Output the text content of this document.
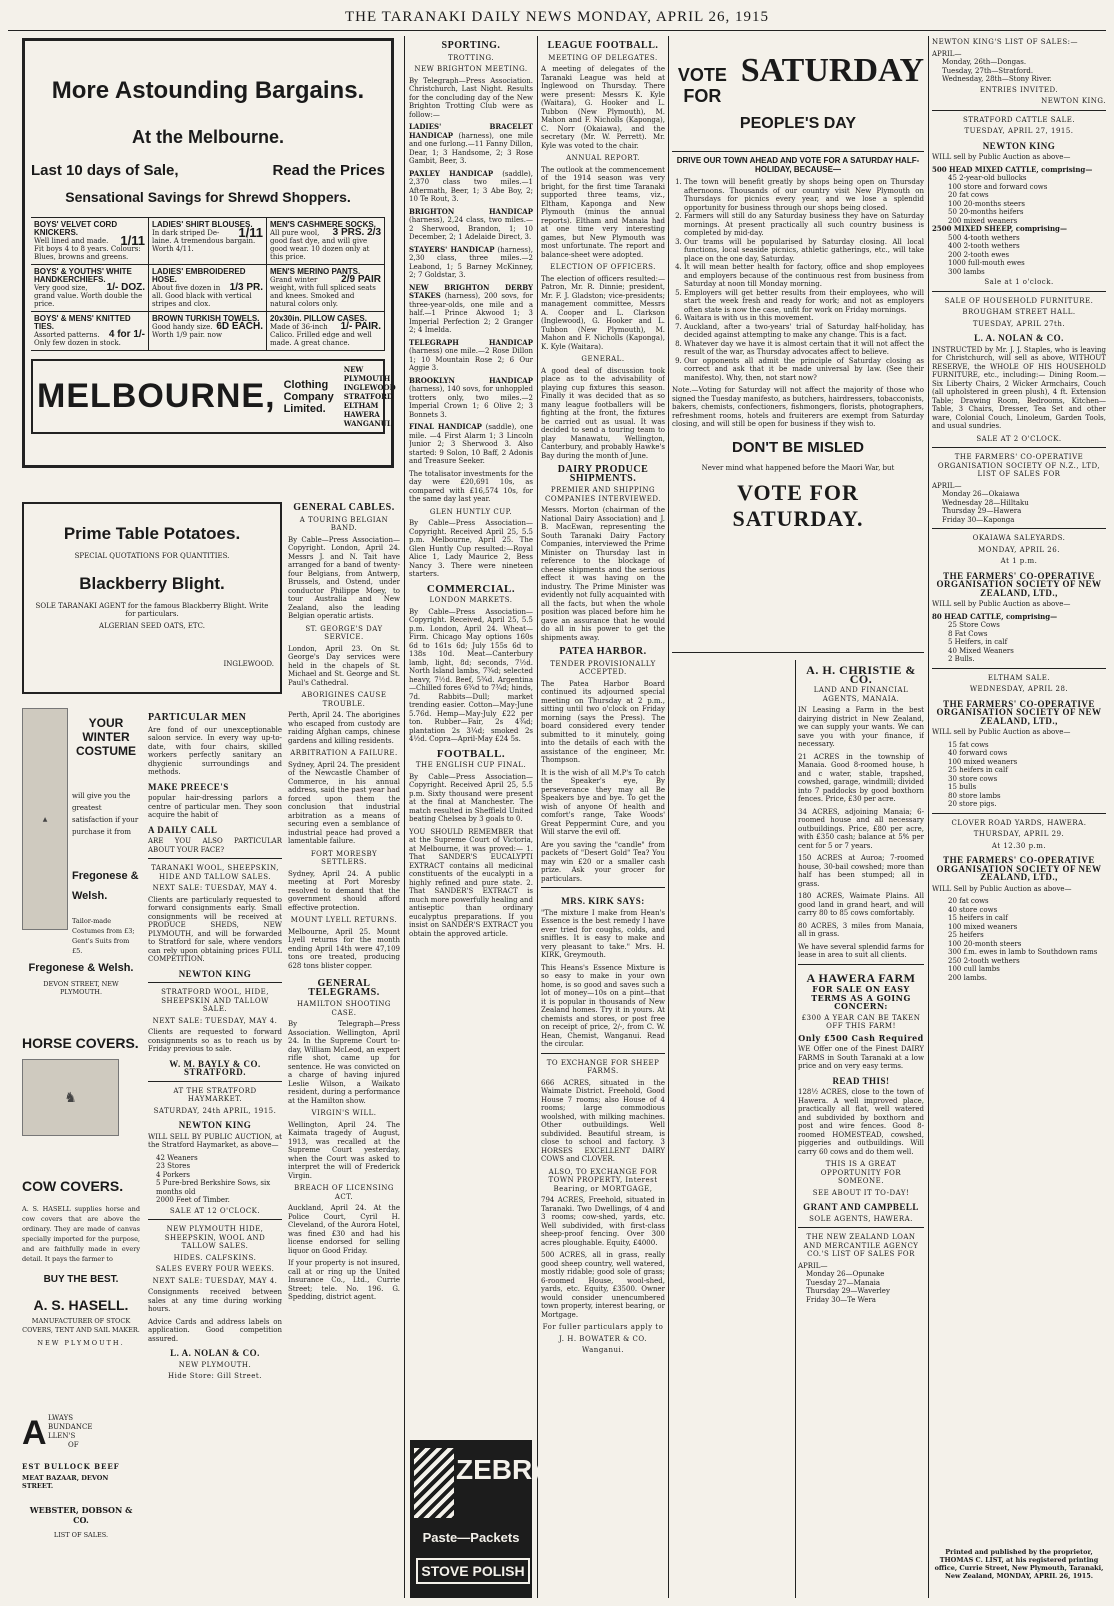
THE TARANAKI DAILY NEWS MONDAY, APRIL 26, 1915
More Astounding Bargains.
At the Melbourne.
Last 10 days of Sale,	Read the Prices
Sensational Savings for Shrewd Shoppers.
BOYS' VELVET CORD KNICKERS.
1/11
Well lined and made. Fit boys 4 to 8 years. Colours: Blues, browns and greens.
LADIES' SHIRT BLOUSES.
1/11
In dark striped De-laine. A tremendous bargain. Worth 4/11.
MEN'S CASHMERE SOCKS.
3 PRS. 2/3
All pure wool, good fast dye, and will give good wear. 10 dozen only at this price.
BOYS' & YOUTHS' WHITE HANDKERCHIEFS.
1/- DOZ.
Very good size, grand value. Worth double the price.
LADIES' EMBROIDERED HOSE.
1/3 PR.
About five dozen in all. Good black with vertical stripes and clox.
MEN'S MERINO PANTS.
2/9 PAIR
Grand winter weight, with full spliced seats and knees. Smoked and natural colors only.
BOYS' & MENS' KNITTED TIES.
4 for 1/-
Assorted patterns. Only few dozen in stock.
BROWN TURKISH TOWELS.
6D EACH.
Good handy size. Worth 1/9 pair. now
20x30in. PILLOW CASES.
1/- PAIR.
Made of 36-inch Calico. Frilled edge and well made. A great chance.
MELBOURNE, Clothing Company Limited.
NEW PLYMOUTH
INGLEWOOD
STRATFORD
ELTHAM
HAWERA
WANGANUI.
Prime Table Potatoes.
SPECIAL QUOTATIONS FOR QUANTITIES.
Blackberry Blight.
SOLE TARANAKI AGENT for the famous Blackberry Blight. Write for particulars.
ALGERIAN SEED OATS, ETC.
INGLEWOOD.
▲
YOUR WINTER COSTUME
will give you the greatest satisfaction if your purchase it from
Fregonese & Welsh.
Tailor-made Costumes from £3; Gent's Suits from £5.
Fregonese & Welsh.
DEVON STREET, NEW PLYMOUTH.
HORSE COVERS.
♞
COW COVERS.
A. S. HASELL supplies horse and cow covers that are above the ordinary. They are made of canvas specially imported for the purpose, and are faithfully made in every detail. It pays the farmer to
BUY THE BEST.
A. S. HASELL.
MANUFACTURER OF STOCK COVERS, TENT AND SAIL MAKER.
NEW PLYMOUTH.
A LWAYS
BUNDANCE
LLEN'S
OF
EST BULLOCK BEEF
MEAT BAZAAR, DEVON STREET.
WEBSTER, DOBSON & CO.
LIST OF SALES.
PARTICULAR MEN

Are fond of our unexceptionable saloon service. In every way up-to-date, with four chairs, skilled workers perfectly sanitary an dhygienic surroundings and methods.

MAKE PREECE'S

popular hair-dressing parlors a centre of particular men. They soon acquire the habit of

A DAILY CALL

ARE YOU ALSO PARTICULAR ABOUT YOUR FACE?

TARANAKI WOOL, SHEEPSKIN, HIDE AND TALLOW SALES.
NEXT SALE: TUESDAY, MAY 4.

Clients are particularly requested to forward consignments early. Small consignments will be received at PRODUCE SHEDS, NEW PLYMOUTH, and will be forwarded to Stratford for sale, where vendors can rely upon obtaining prices FULL COMPETITION.

NEWTON KING
STRATFORD WOOL, HIDE, SHEEPSKIN AND TALLOW SALE.
NEXT SALE: TUESDAY, MAY 4.

Clients are requested to forward consignments so as to reach us by Friday previous to sale.

W. M. BAYLY & CO. STRATFORD.
AT THE STRATFORD HAYMARKET.
SATURDAY, 24th APRIL, 1915.
NEWTON KING

WILL SELL BY PUBLIC AUCTION, at the Stratford Haymarket, as above—

42 Weaners
23 Stores
4 Porkers
5 Pure-bred Berkshire Sows, six months old
2000 Feet of Timber.
SALE AT 12 O'CLOCK.
NEW PLYMOUTH HIDE, SHEEPSKIN, WOOL AND TALLOW SALES.
HIDES. CALFSKINS.
SALES EVERY FOUR WEEKS.
NEXT SALE: TUESDAY, MAY 4.

Consignments received between sales at any time during working hours.

Advice Cards and address labels on application. Good competition assured.

L. A. NOLAN & CO.
NEW PLYMOUTH.
Hide Store: Gill Street.
GENERAL CABLES.
A TOURING BELGIAN BAND.

By Cable—Press Association—Copyright. London, April 24. Messrs J. and N. Tait have arranged for a band of twenty-four Belgians, from Antwerp, Brussels, and Ostend, under conductor Philippe Moey, to tour Australia and New Zealand, also the leading Belgian operatic artists.

ST. GEORGE'S DAY SERVICE.

London, April 23. On St. George's Day services were held in the chapels of St. Michael and St. George and St. Paul's Cathedral.

ABORIGINES CAUSE TROUBLE.

Perth, April 24. The aborigines who escaped from custody are raiding Afghan camps, chinese gardens and killing residents.

ARBITRATION A FAILURE.

Sydney, April 24. The president of the Newcastle Chamber of Commerce, in his annual address, said the past year had forced upon them the conclusion that industrial arbitration as a means of securing even a semblance of industrial peace had proved a lamentable failure.

FORT MORESBY SETTLERS.

Sydney, April 24. A public meeting at Port Moresby resolved to demand that the government should afford effective protection.

MOUNT LYELL RETURNS.

Melbourne, April 25. Mount Lyell returns for the month ending April 14th were 47,109 tons ore treated, producing 628 tons blister copper.

GENERAL TELEGRAMS.
HAMILTON SHOOTING CASE.

By Telegraph—Press Association. Wellington, April 24. In the Supreme Court to-day, William McLeod, an expert rifle shot, came up for sentence. He was convicted on a charge of having injured Leslie Wilson, a Waikato resident, during a performance at the Hamilton show.

VIRGIN'S WILL.

Wellington, April 24. The Kaimata tragedy of August, 1913, was recalled at the Supreme Court yesterday, when the Court was asked to interpret the will of Frederick Virgin.

BREACH OF LICENSING ACT.

Auckland, April 24. At the Police Court, Cyril H. Cleveland, of the Aurora Hotel, was fined £30 and had his license endorsed for selling liquor on Good Friday.

If your property is not insured, call at or ring up the United Insurance Co., Ltd., Currie Street; tele. No. 196. G. Spedding, district agent.

SPORTING.
TROTTING.
NEW BRIGHTON MEETING.

By Telegraph—Press Association. Christchurch, Last Night. Results for the concluding day of the New Brighton Trotting Club were as follow:—

LADIES' BRACELET HANDICAP (harness), one mile and one furlong.—11 Fanny Dillon, Dear, 1; 3 Handsome, 2; 3 Rose Gambit, Beer, 3.

PAXLEY HANDICAP (saddle), 2,370 class two miles.—1 Aftermath, Beer, 1; 3 Abe Boy, 2; 10 Te Rout, 3.

BRIGHTON HANDICAP (harness), 2,24 class, two miles.—2 Sherwood, Brandon, 1; 10 December, 2; 1 Adelaide Direct, 3.

STAYERS' HANDICAP (harness), 2,30 class, three miles.—2 Leabond, 1; 5 Barney McKinney, 2; 7 Goldstar, 3.

NEW BRIGHTON DERBY STAKES (harness), 200 sovs, for three-year-olds, one mile and a half.—1 Prince Akwood 1; 3 Imperial Perfection 2; 2 Granger 2; 4 Imelda.

TELEGRAPH HANDICAP (harness) one mile.—2 Rose Dillon 1; 10 Mountain Rose 2; 6 Our Aggie 3.

BROOKLYN HANDICAP (harness), 140 sovs, for unhoppled trotters only, two miles.—2 Imperial Crown 1; 6 Olive 2; 3 Bonnets 3.

FINAL HANDICAP (saddle), one mile. —4 First Alarm 1; 3 Lincoln Junior 2; 3 Sherwood 3. Also started: 9 Solon, 10 Baff, 2 Adonis and Treasure Seeker.

The totalisator investments for the day were £20,691 10s, as compared with £16,574 10s, for the same day last year.

GLEN HUNTLY CUP.

By Cable—Press Association—Copyright. Received April 25, 5.5 p.m. Melbourne, April 25. The Glen Huntly Cup resulted:—Royal Alice 1, Lady Maurice 2, Bess Nancy 3. There were nineteen starters.

COMMERCIAL.
LONDON MARKETS.

By Cable—Press Association—Copyright. Received, April 25, 5.5 p.m. London, April 24. Wheat—Firm. Chicago May options 160s 6d to 161s 6d; July 155s 6d to 138s 10d. Meat—Canterbury lamb, light, 8d; seconds, 7½d. North Island lambs, 7¾d; selected heavy, 7½d. Beef, 5¾d. Argentina—Chilled fores 6¾d to 7¾d; hinds, 7d. Rabbits—Dull; market trending easier. Cotton—May-June 5.76d. Hemp—May-July £22 per ton. Rubber—Fair, 2s 4¾d; plantation 2s 3¼d; smoked 2s 4½d. Copra—April-May £24 5s.

FOOTBALL.
THE ENGLISH CUP FINAL.

By Cable—Press Association—Copyright. Received April 25, 5.5 p.m. Sixty thousand were present at the final at Manchester. The match resulted in Sheffield United beating Chelsea by 3 goals to 0.

YOU SHOULD REMEMBER that at the Supreme Court of Victoria, at Melbourne, it was proved:— 1. That SANDER'S EUCALYPTI EXTRACT contains all medicinal constituents of the eucalypti in a highly refined and pure state. 2. That SANDER'S EXTRACT is much more powerfully healing and antiseptic than ordinary eucalyptus preparations. If you insist on SANDER'S EXTRACT you obtain the approved article.

ZEBRA
Paste—Packets
STOVE POLISH
LEAGUE FOOTBALL.
MEETING OF DELEGATES.

A meeting of delegates of the Taranaki League was held at Inglewood on Thursday. There were present: Messrs K. Kyle (Waitara), G. Hooker and L. Tubbon (New Plymouth), M. Mahon and F. Nicholls (Kaponga), C. Norr (Okaiawa), and the secretary (Mr. W. Perrett). Mr. Kyle was voted to the chair.

ANNUAL REPORT.

The outlook at the commencement of the 1914 season was very bright, for the first time Taranaki supported three teams, viz., Eltham, Kaponga and New Plymouth (minus the annual reports). Eltham and Manaia had at one time very interesting games, but New Plymouth was most unfortunate. The report and balance-sheet were adopted.

ELECTION OF OFFICERS.

The election of officers resulted:— Patron, Mr. R. Dinnie; president, Mr. F. J. Gladston; vice-presidents; management committee, Messrs A. Cooper and L. Clarkson (Inglewood), G. Hooker and L. Tubbon (New Plymouth), M. Mahon and F. Nicholls (Kaponga), K. Kyle (Waitara).

GENERAL.

A good deal of discussion took place as to the advisability of playing cup fixtures this season. Finally it was decided that as so many league footballers will be fighting at the front, the fixtures be carried out as usual. It was decided to send a touring team to play Manawatu, Wellington, Canterbury, and probably Hawke's Bay during the month of June.

DAIRY PRODUCE SHIPMENTS.
PREMIER AND SHIPPING COMPANIES INTERVIEWED.

Messrs. Morton (chairman of the National Dairy Association) and J. B. MacEwan, representing the South Taranaki Dairy Factory Companies, interviewed the Prime Minister on Thursday last in reference to the blockage of cheese shipments and the serious effect it was having on the industry. The Prime Minister was evidently not fully acquainted with all the facts, but when the whole position was placed before him he gave an assurance that he would do all in his power to get the shipments away.

PATEA HARBOR.
TENDER PROVISIONALLY ACCEPTED.

The Patea Harbor Board continued its adjourned special meeting on Thursday at 2 p.m., sitting until two o'clock on Friday morning (says the Press). The board considered every tender submitted to it minutely, going into the details of each with the assistance of the engineer, Mr. Thompson.

It is the wish of all M.P's To catch the Speaker's eye, By perseverance they may all Be Speakers bye and bye. To get the wish of anyone Of health and comfort's range, Take Woods' Great Peppermint Cure, and you Will starve the evil off.

Are you saving the "candle" from packets of "Desert Gold" Tea? You may win £20 or a smaller cash prize. Ask your grocer for particulars.

MRS. KIRK SAYS:

"The mixture I make from Hean's Essence is the best remedy I have ever tried for coughs, colds, and sniffles. It is easy to make and very pleasant to take." Mrs. H. KIRK, Greymouth.

This Heans's Essence Mixture is so easy to make in your own home, is so good and saves such a lot of money—10s on a pint—that it is popular in thousands of New Zealand homes. Try it in yours. At chemists and stores, or post free on receipt of price, 2/-, from C. W. Hean, Chemist, Wanganui. Read the circular.

TO EXCHANGE FOR SHEEP FARMS.

666 ACRES, situated in the Waimate District. Freehold, Good House 7 rooms; also House of 4 rooms; large commodious woolshed, with milking machines. Other outbuildings. Well subdivided. Beautiful stream, is close to school and factory. 3 HORSES EXCELLENT DAIRY COWS and CLOVER.

ALSO, TO EXCHANGE FOR TOWN PROPERTY, Interest Bearing, or MORTGAGE,

794 ACRES, Freehold, situated in Taranaki. Two Dwellings, of 4 and 3 rooms; cow-shed, yards, etc. Well subdivided, with first-class sheep-proof fencing. Over 300 acres ploughable. Equity, £4000.

500 ACRES, all in grass, really good sheep country, well watered, mostly ridable; good sole of grass; 6-roomed House, wool-shed, yards, etc. Equity, £3500. Owner would consider unencumbered town property, interest bearing, or Mortgage.

For fuller particulars apply to
J. H. BOWATER & CO.
Wanganui.
VOTE FOR
SATURDAY
PEOPLE'S DAY
DRIVE OUR TOWN AHEAD AND VOTE FOR A SATURDAY HALF-HOLIDAY, BECAUSE—
1. The town will benefit greatly by shops being open on Thursday afternoons. Thousands of our country visit New Plymouth on Thursdays for picnics every year, and we lose a splendid opportunity for business through our shops being closed.
2. Farmers will still do any Saturday business they have on Saturday mornings. At present practically all such country business is completed by mid-day.
3. Our trams will be popularised by Saturday closing. All local functions, local seaside picnics, athletic gatherings, etc., will take place on the one day, Saturday.
4. It will mean better health for factory, office and shop employees and employers because of the continuous rest from business from Saturday at noon till Monday morning.
5. Employers will get better results from their employees, who will start the week fresh and ready for work; and not as employers often state is now the case, unfit for work on Friday mornings.
6. Waitara is with us in this movement.
7. Auckland, after a two-years' trial of Saturday half-holiday, has decided against attempting to make any change. This is a fact.
8. Whatever day we have it is almost certain that it will not affect the result of the war, as Thursday advocates affect to believe.
9. Our opponents all admit the principle of Saturday closing as correct and ask that it be made universal by law. (See their manifesto). Why, then, not start now?

Note.—Voting for Saturday will not affect the majority of those who signed the Tuesday manifesto, as butchers, hairdressers, tobacconists, bakers, chemists, confectioners, fishmongers, florists, photographers, refreshment rooms, hotels and fruiterers are exempt from Saturday closing, and will still be open for business if they wish to.

DON'T BE MISLED
Never mind what happened before the Maori War, but
VOTE FOR SATURDAY.
A. H. CHRISTIE & CO.
LAND AND FINANCIAL AGENTS, MANAIA.

IN Leasing a Farm in the best dairying district in New Zealand, we can supply your wants. We can save you with your finance, if necessary.

21 ACRES in the township of Manaia. Good 8-roomed house, h and c water, stable, trapshed, cowshed, garage, windmill; divided into 7 paddocks by good boxthorn fences. Price, £30 per acre.

34 ACRES, adjoining Manaia; 6-roomed house and all necessary outbuildings. Price, £80 per acre, with £350 cash; balance at 5% per cent for 5 or 7 years.

150 ACRES at Auroa; 7-roomed house, 30-bail cowshed; more than half has been stumped; all in grass.

180 ACRES, Waimate Plains. All good land in grand heart, and will carry 80 to 85 cows comfortably.

80 ACRES, 3 miles from Manaia, all in grass.

We have several splendid farms for lease in area to suit all clients.

A HAWERA FARM
FOR SALE ON EASY TERMS AS A GOING CONCERN:
£300 A YEAR CAN BE TAKEN OFF THIS FARM!
Only £500 Cash Required

WE Offer one of the Finest DAIRY FARMS in South Taranaki at a low price and on very easy terms.

READ THIS!

128½ ACRES, close to the town of Hawera. A well improved place, practically all flat, well watered and subdivided by boxthorn and post and wire fences. Good 8-roomed HOMESTEAD, cowshed, piggeries and outbuildings. Will carry 60 cows and do them well.

THIS IS A GREAT OPPORTUNITY FOR SOMEONE.
SEE ABOUT IT TO-DAY!
GRANT AND CAMPBELL
SOLE AGENTS, HAWERA.
THE NEW ZEALAND LOAN AND MERCANTILE AGENCY CO.'S LIST OF SALES FOR
APRIL—
Monday 26—Opunake
Tuesday 27—Manaia
Thursday 29—Waverley
Friday 30—Te Wera
NEWTON KING'S LIST OF SALES:—
APRIL—
Monday, 26th—Dongas.
Tuesday, 27th—Stratford.
Wednesday, 28th—Stony River.
ENTRIES INVITED.
NEWTON KING.
STRATFORD CATTLE SALE.
TUESDAY, APRIL 27, 1915.
NEWTON KING

WILL sell by Public Auction as above—

500 HEAD MIXED CATTLE, comprising—
45 2-year-old bullocks
100 store and forward cows
20 fat cows
100 20-months steers
50 20-months heifers
200 mixed weaners
2500 MIXED SHEEP, comprising—
500 4-tooth wethers
400 2-tooth wethers
200 2-tooth ewes
1000 full-mouth ewes
300 lambs
Sale at 1 o'clock.
SALE OF HOUSEHOLD FURNITURE.
BROUGHAM STREET HALL.
TUESDAY, APRIL 27th.
L. A. NOLAN & CO.

INSTRUCTED by Mr. J. J. Staples, who is leaving for Christchurch, will sell as above, WITHOUT RESERVE, the WHOLE OF HIS HOUSEHOLD FURNITURE, etc., including:— Dining Room.—Six Liberty Chairs, 2 Wicker Armchairs, Couch (all upholstered in green plush), 4 ft. Extension Table; Drawing Room, Bedrooms, Kitchen—Table, 3 Chairs, Dresser, Tea Set and other ware, Colonial Couch, Linoleum, Garden Tools, and usual sundries.

SALE AT 2 O'CLOCK.
THE FARMERS' CO-OPERATIVE ORGANISATION SOCIETY OF N.Z., LTD, LIST OF SALES FOR
APRIL—
Monday 26—Okaiawa
Wednesday 28—Hilltaku
Thursday 29—Hawera
Friday 30—Kaponga
OKAIAWA SALEYARDS.
MONDAY, APRIL 26.
At 1 p.m.
THE FARMERS' CO-OPERATIVE ORGANISATION SOCIETY OF NEW ZEALAND, LTD.,

WILL sell by Public Auction as above—

80 HEAD CATTLE, comprising—
25 Store Cows
8 Fat Cows
5 Heifers, in calf
40 Mixed Weaners
2 Bulls.
ELTHAM SALE.
WEDNESDAY, APRIL 28.
THE FARMERS' CO-OPERATIVE ORGANISATION SOCIETY OF NEW ZEALAND, LTD.,

WILL sell by Public Auction as above—

15 fat cows
40 forward cows
100 mixed weaners
25 heifers in calf
30 store cows
15 bulls
80 store lambs
20 store pigs.
CLOVER ROAD YARDS, HAWERA.
THURSDAY, APRIL 29.
At 12.30 p.m.
THE FARMERS' CO-OPERATIVE ORGANISATION SOCIETY OF NEW ZEALAND, LTD.,

WILL Sell by Public Auction as above—

20 fat cows
40 store cows
15 heifers in calf
100 mixed weaners
25 heifers
100 20-month steers
300 f.m. ewes in lamb to Southdown rams
250 2-tooth wethers
100 cull lambs
200 lambs.
Printed and published by the proprietor, THOMAS C. LIST, at his registered printing office, Currie Street, New Plymouth, Taranaki, New Zealand, MONDAY, APRIL 26, 1915.
